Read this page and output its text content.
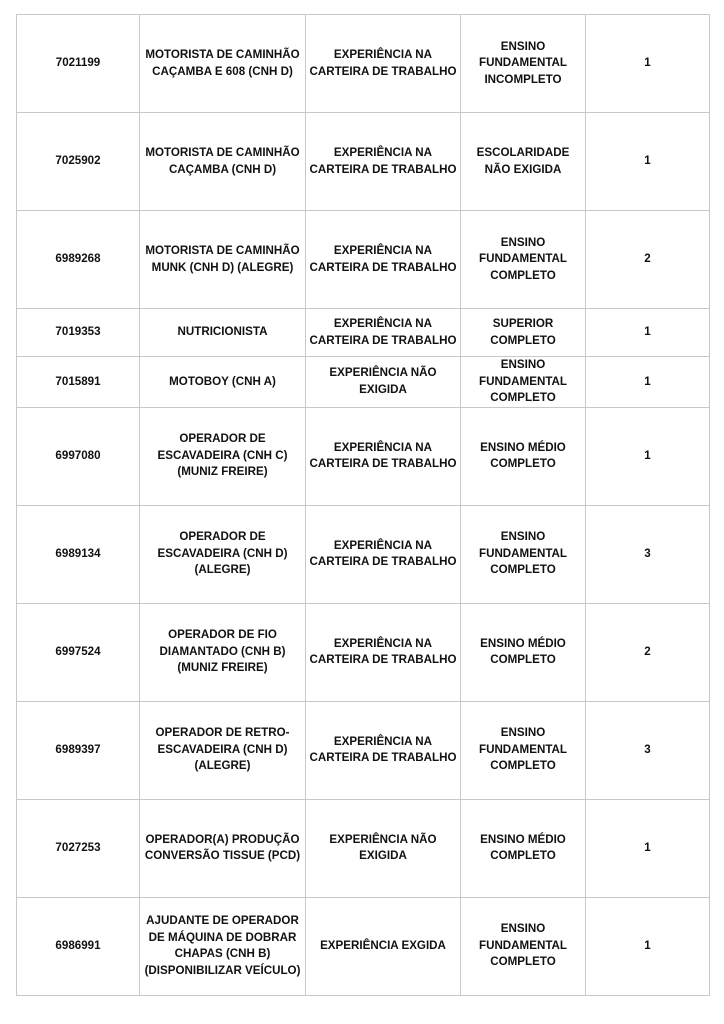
7021199	MOTORISTA DE CAMINHÃO CAÇAMBA E 608 (CNH D)	EXPERIÊNCIA NA CARTEIRA DE TRABALHO	ENSINO FUNDAMENTAL INCOMPLETO	1

7025902	MOTORISTA DE CAMINHÃO CAÇAMBA (CNH D)	EXPERIÊNCIA NA CARTEIRA DE TRABALHO	ESCOLARIDADE NÃO EXIGIDA	1

6989268	MOTORISTA DE CAMINHÃO MUNK (CNH D) (ALEGRE)	EXPERIÊNCIA NA CARTEIRA DE TRABALHO	ENSINO FUNDAMENTAL COMPLETO	2

7019353	NUTRICIONISTA	EXPERIÊNCIA NA CARTEIRA DE TRABALHO	SUPERIOR COMPLETO	1

7015891	MOTOBOY (CNH A)	EXPERIÊNCIA NÃO EXIGIDA	ENSINO FUNDAMENTAL COMPLETO	1

6997080	OPERADOR DE ESCAVADEIRA (CNH C) (MUNIZ FREIRE)	EXPERIÊNCIA NA CARTEIRA DE TRABALHO	ENSINO MÉDIO COMPLETO	1

6989134	OPERADOR DE ESCAVADEIRA (CNH D) (ALEGRE)	EXPERIÊNCIA NA CARTEIRA DE TRABALHO	ENSINO FUNDAMENTAL COMPLETO	3

6997524	OPERADOR DE FIO DIAMANTADO (CNH B) (MUNIZ FREIRE)	EXPERIÊNCIA NA CARTEIRA DE TRABALHO	ENSINO MÉDIO COMPLETO	2

6989397	OPERADOR DE RETRO-ESCAVADEIRA (CNH D) (ALEGRE)	EXPERIÊNCIA NA CARTEIRA DE TRABALHO	ENSINO FUNDAMENTAL COMPLETO	3

7027253	OPERADOR(A) PRODUÇÃO CONVERSÃO TISSUE (PCD)	EXPERIÊNCIA NÃO EXIGIDA	ENSINO MÉDIO COMPLETO	1

6986991	AJUDANTE DE OPERADOR DE MÁQUINA DE DOBRAR CHAPAS (CNH B) (DISPONIBILIZAR VEÍCULO)	EXPERIÊNCIA EXGIDA	ENSINO FUNDAMENTAL COMPLETO	1
